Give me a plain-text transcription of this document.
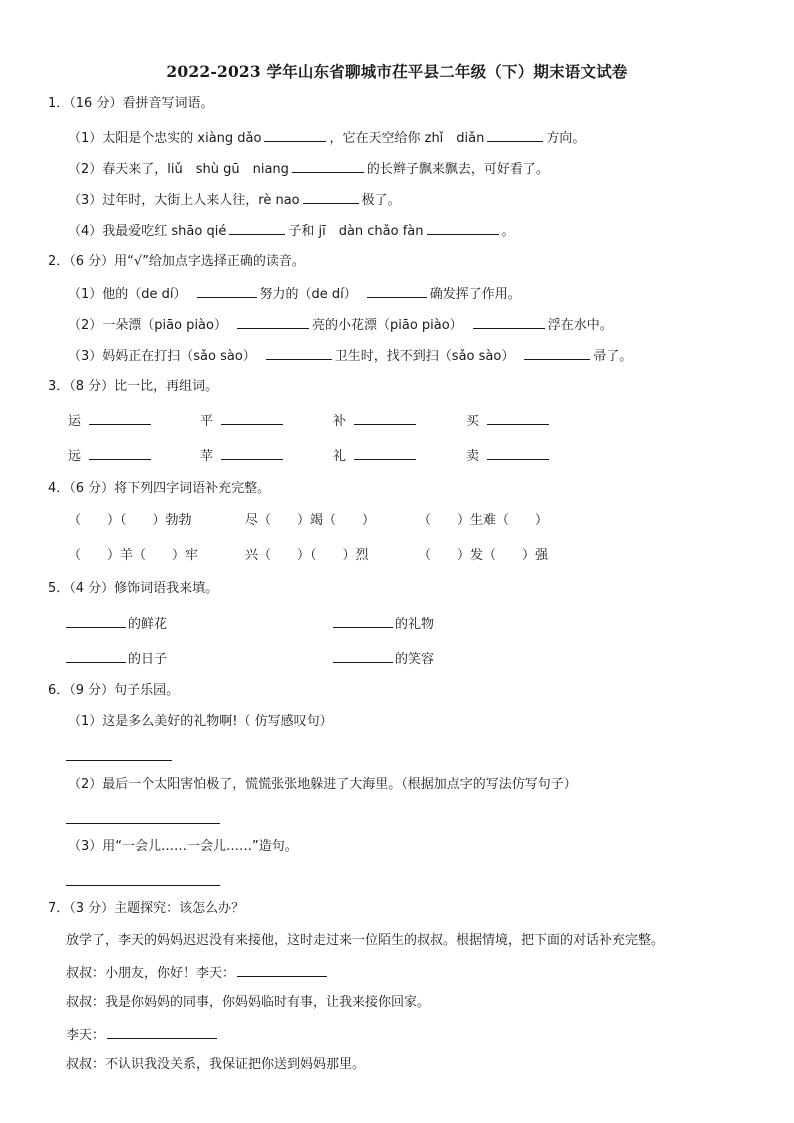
2022-2023 学年山东省聊城市茌平县二年级（下）期末语文试卷
1．（16 分）看拼音写词语。
（1）太阳是个忠实的 xiàng dǎo	，它在天空给你 zhǐ　diǎn	方向。
（2）春天来了，liǔ　shù gū　niang	的长辫子飘来飘去，可好看了。
（3）过年时，大街上人来人往，rè nao	极了。
（4）我最爱吃红 shāo qié	子和 jī　dàn chǎo fàn	。
2．（6 分）用“√”给加点字选择正确的读音。
（1）他的（de dí）	努力的（de dí）	确发挥了作用。
（2）一朵漂（piāo piào）	亮的小花漂（piāo piào）	浮在水中。
（3）妈妈正在打扫（sǎo sào）	卫生时，找不到扫（sǎo sào）	帚了。
3．（8 分）比一比，再组词。
运	平	补	买
远	苹	礼	卖
4．（6 分）将下列四字词语补充完整。
（　　）（　　）勃勃	尽（　　）竭（　　）	（　　）生难（　　）
（　　）羊（　　）牢	兴（　　）（　　）烈	（　　）发（　　）强
5．（4 分）修饰词语我来填。
的鲜花	的礼物
的日子	的笑容
6．（9 分）句子乐园。
（1）这是多么美好的礼物啊!（ 仿写感叹句）
（2）最后一个太阳害怕极了，慌慌张张地躲进了大海里。（根据加点字的写法仿写句子）
（3）用“一会儿……一会儿……”造句。
7．（3 分）主题探究：该怎么办？
放学了，李天的妈妈迟迟没有来接他，这时走过来一位陌生的叔叔。根据情境，把下面的对话补充完整。
叔叔：小朋友，你好！李天：
叔叔：我是你妈妈的同事，你妈妈临时有事，让我来接你回家。
李天：
叔叔：不认识我没关系，我保证把你送到妈妈那里。
